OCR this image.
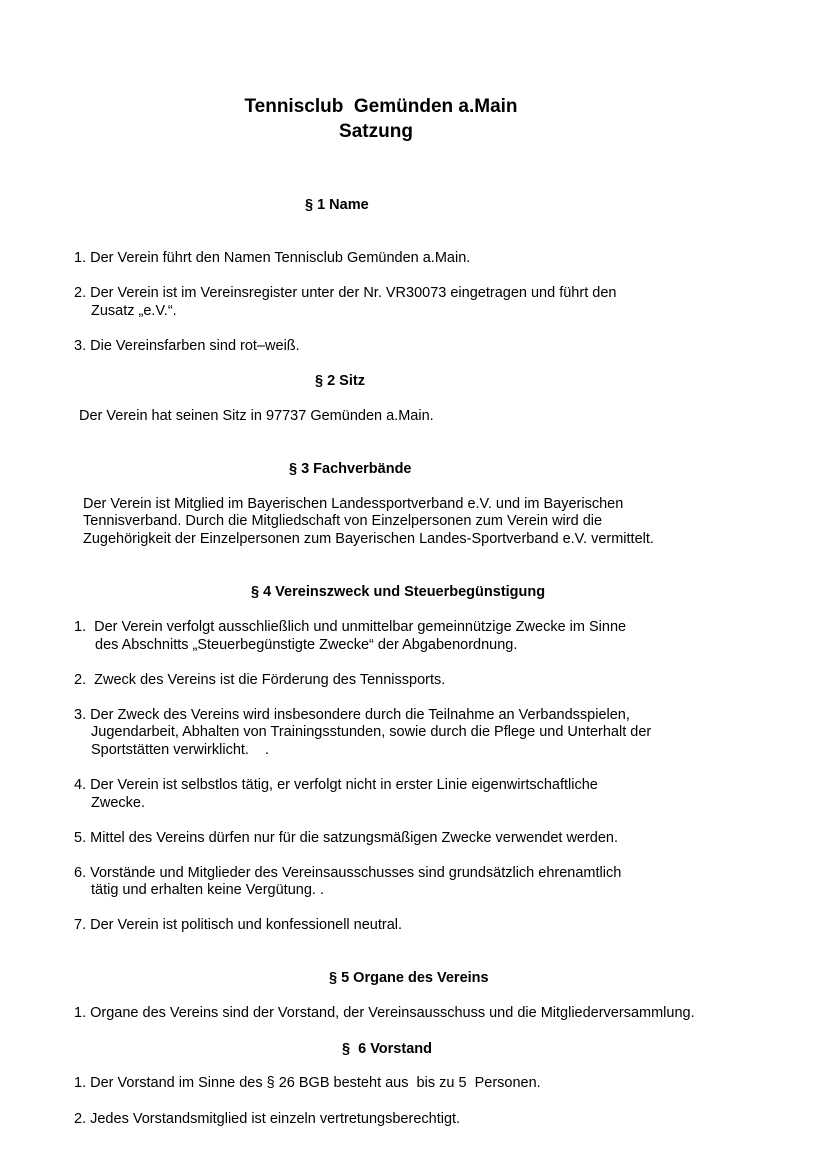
Tennisclub  Gemünden a.Main
Satzung
§ 1 Name
1. Der Verein führt den Namen Tennisclub Gemünden a.Main.
2. Der Verein ist im Vereinsregister unter der Nr. VR30073 eingetragen und führt den
Zusatz „e.V.“.
3. Die Vereinsfarben sind rot–weiß.
§ 2 Sitz
Der Verein hat seinen Sitz in 97737 Gemünden a.Main.
§ 3 Fachverbände
Der Verein ist Mitglied im Bayerischen Landessportverband e.V. und im Bayerischen
Tennisverband. Durch die Mitgliedschaft von Einzelpersonen zum Verein wird die
Zugehörigkeit der Einzelpersonen zum Bayerischen Landes-Sportverband e.V. vermittelt.
§ 4 Vereinszweck und Steuerbegünstigung
1.  Der Verein verfolgt ausschließlich und unmittelbar gemeinnützige Zwecke im Sinne
des Abschnitts „Steuerbegünstigte Zwecke“ der Abgabenordnung.
2.  Zweck des Vereins ist die Förderung des Tennissports.
3. Der Zweck des Vereins wird insbesondere durch die Teilnahme an Verbandsspielen,
Jugendarbeit, Abhalten von Trainingsstunden, sowie durch die Pflege und Unterhalt der
Sportstätten verwirklicht.    .
4. Der Verein ist selbstlos tätig, er verfolgt nicht in erster Linie eigenwirtschaftliche
Zwecke.
5. Mittel des Vereins dürfen nur für die satzungsmäßigen Zwecke verwendet werden.
6. Vorstände und Mitglieder des Vereinsausschusses sind grundsätzlich ehrenamtlich
tätig und erhalten keine Vergütung. .
7. Der Verein ist politisch und konfessionell neutral.
§ 5 Organe des Vereins
1. Organe des Vereins sind der Vorstand, der Vereinsausschuss und die Mitgliederversammlung.
§  6 Vorstand
1. Der Vorstand im Sinne des § 26 BGB besteht aus  bis zu 5  Personen.
2. Jedes Vorstandsmitglied ist einzeln vertretungsberechtigt.
